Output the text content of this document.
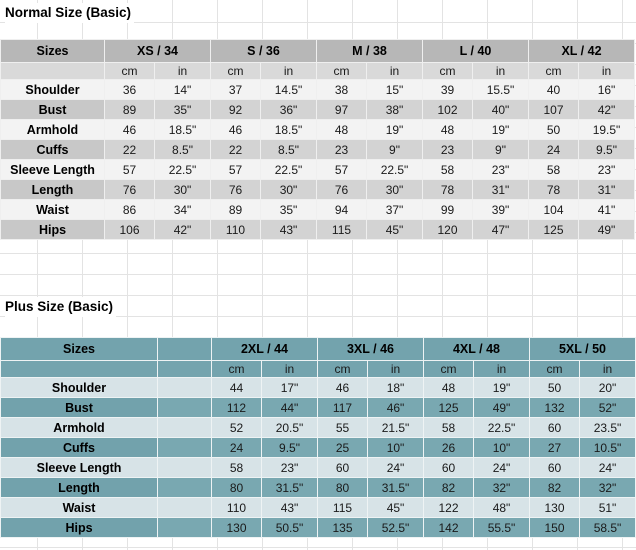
Normal Size (Basic)
Sizes	XS / 34		S / 36		M / 38		L / 40		XL / 42	
	cm	in	cm	in	cm	in	cm	in	cm	in
Shoulder	36	14"	37	14.5"	38	15"	39	15.5"	40	16"
Bust	89	35"	92	36"	97	38"	102	40"	107	42"
Armhold	46	18.5"	46	18.5"	48	19"	48	19"	50	19.5"
Cuffs	22	8.5"	22	8.5"	23	9"	23	9"	24	9.5"
Sleeve Length	57	22.5"	57	22.5"	57	22.5"	58	23"	58	23"
Length	76	30"	76	30"	76	30"	78	31"	78	31"
Waist	86	34"	89	35"	94	37"	99	39"	104	41"
Hips	106	42"	110	43"	115	45"	120	47"	125	49"
Plus Size (Basic)
Sizes		2XL / 44		3XL / 46		4XL / 48		5XL / 50	
		cm	in	cm	in	cm	in	cm	in
Shoulder		44	17"	46	18"	48	19"	50	20"
Bust		112	44"	117	46"	125	49"	132	52"
Armhold		52	20.5"	55	21.5"	58	22.5"	60	23.5"
Cuffs		24	9.5"	25	10"	26	10"	27	10.5"
Sleeve Length		58	23"	60	24"	60	24"	60	24"
Length		80	31.5"	80	31.5"	82	32"	82	32"
Waist		110	43"	115	45"	122	48"	130	51"
Hips		130	50.5"	135	52.5"	142	55.5"	150	58.5"
